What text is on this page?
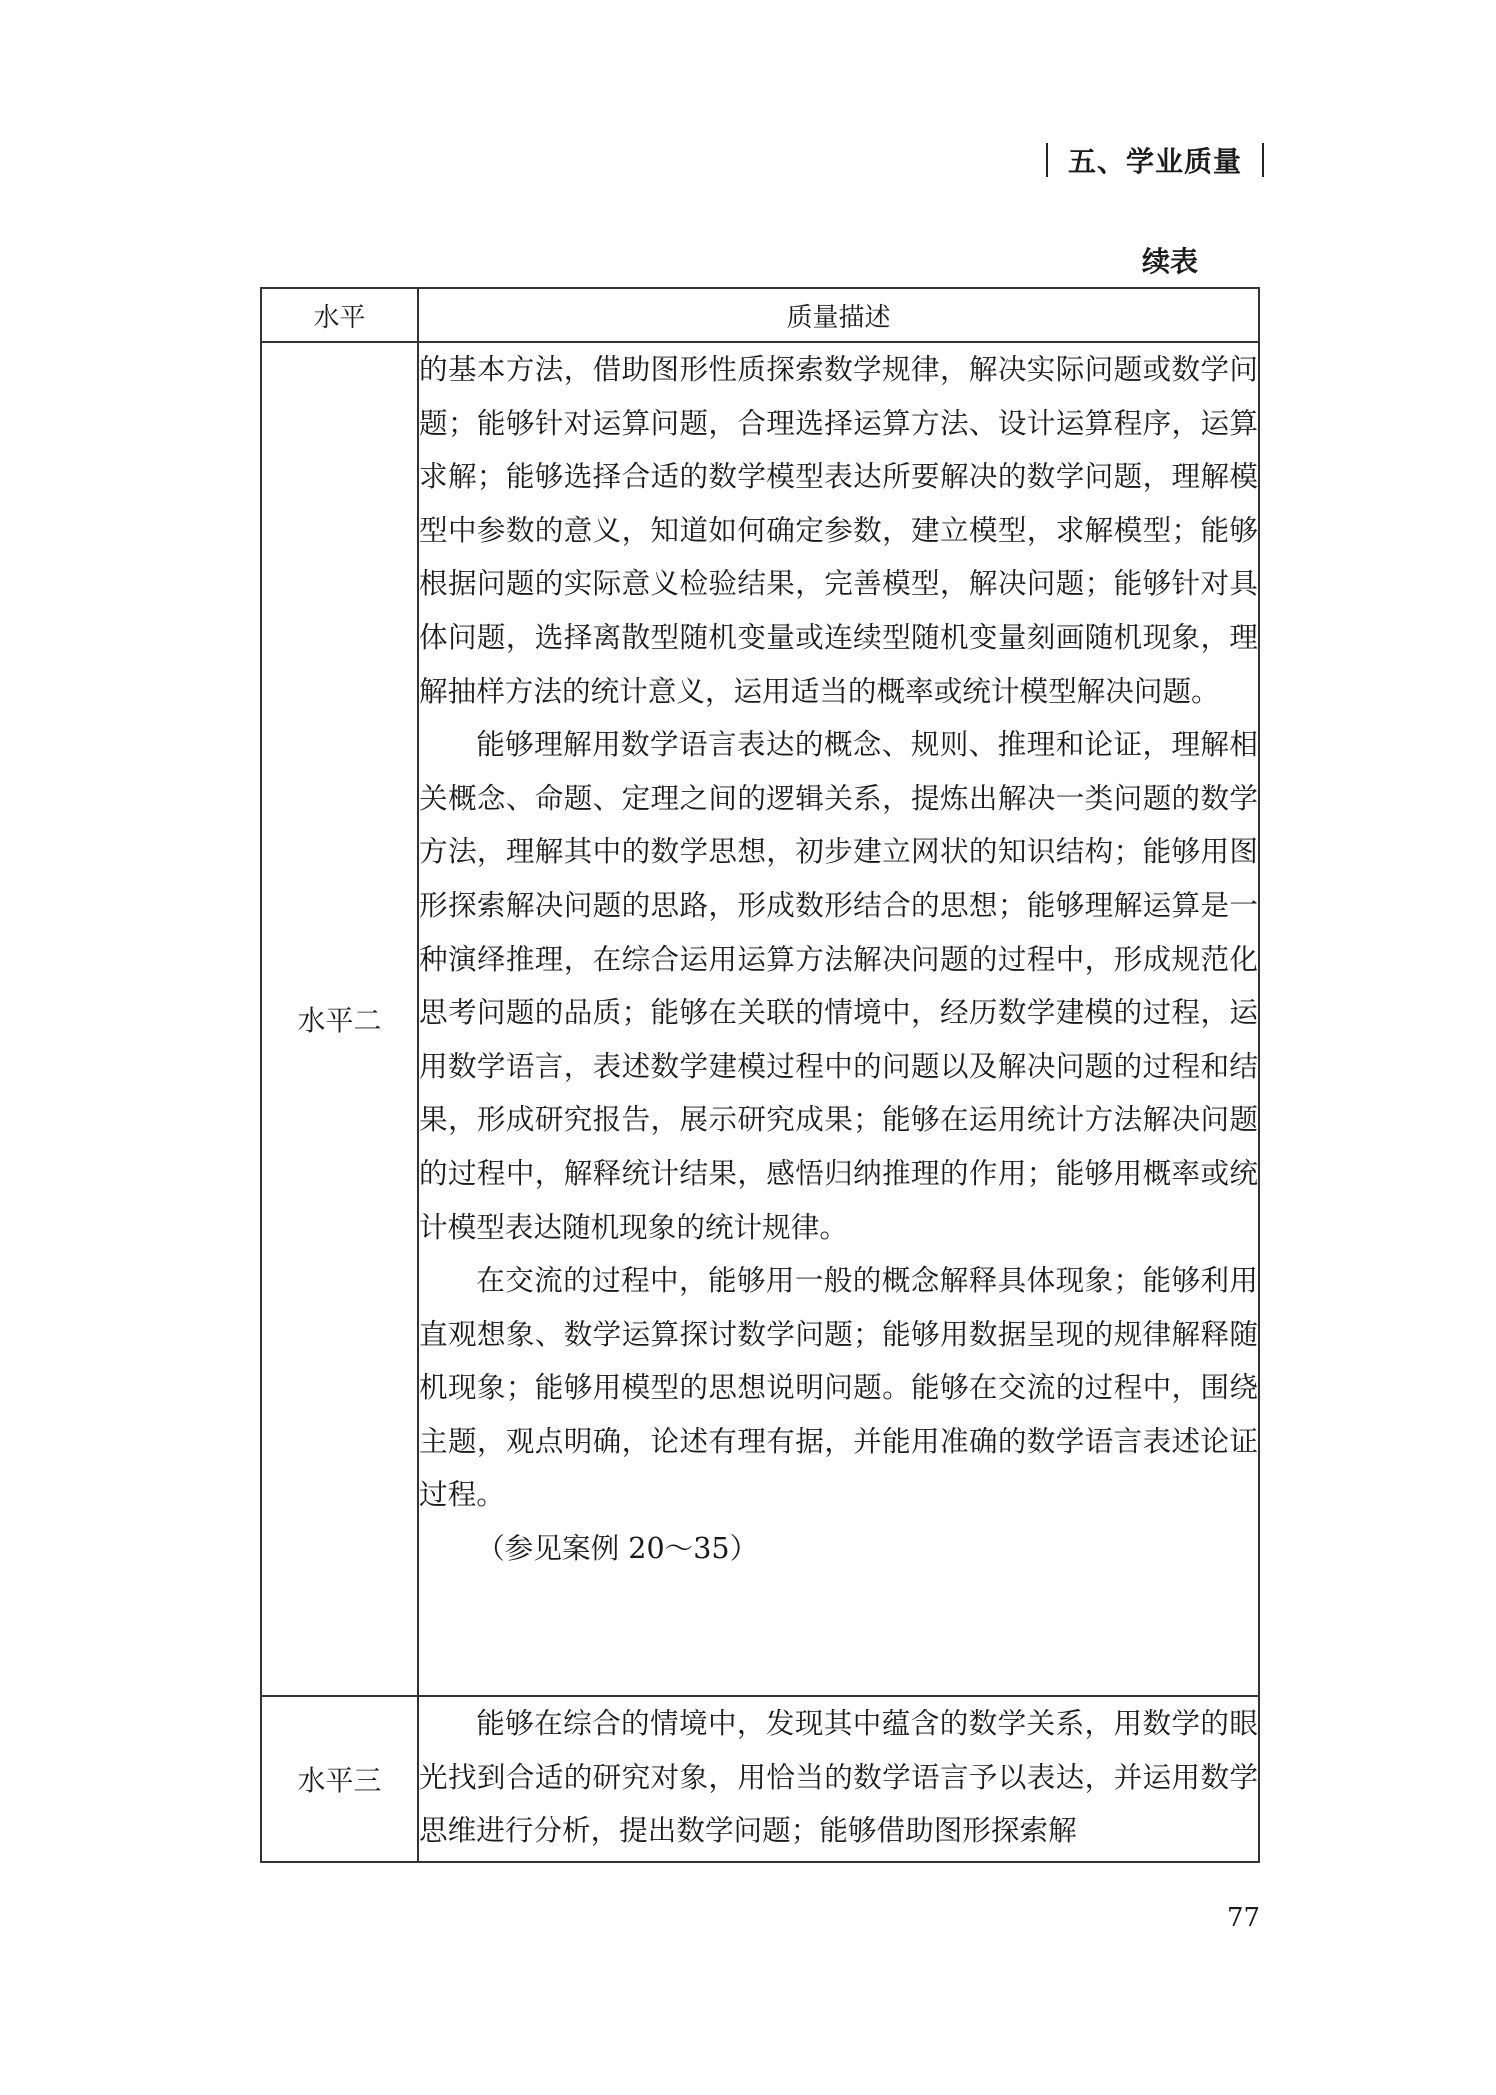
五、学业质量
续表
水平	质量描述
水平二	的基本方法，借助图形性质探索数学规律，解决实际问题或数学问题；能够针对运算问题，合理选择运算方法、设计运算程序，运算求解；能够选择合适的数学模型表达所要解决的数学问题，理解模型中参数的意义，知道如何确定参数，建立模型，求解模型；能够根据问题的实际意义检验结果，完善模型，解决问题；能够针对具体问题，选择离散型随机变量或连续型随机变量刻画随机现象，理解抽样方法的统计意义，运用适当的概率或统计模型解决问题。

能够理解用数学语言表达的概念、规则、推理和论证，理解相关概念、命题、定理之间的逻辑关系，提炼出解决一类问题的数学方法，理解其中的数学思想，初步建立网状的知识结构；能够用图形探索解决问题的思路，形成数形结合的思想；能够理解运算是一种演绎推理，在综合运用运算方法解决问题的过程中，形成规范化思考问题的品质；能够在关联的情境中，经历数学建模的过程，运用数学语言，表述数学建模过程中的问题以及解决问题的过程和结果，形成研究报告，展示研究成果；能够在运用统计方法解决问题的过程中，解释统计结果，感悟归纳推理的作用；能够用概率或统计模型表达随机现象的统计规律。

在交流的过程中，能够用一般的概念解释具体现象；能够利用直观想象、数学运算探讨数学问题；能够用数据呈现的规律解释随机现象；能够用模型的思想说明问题。能够在交流的过程中，围绕主题，观点明确，论述有理有据，并能用准确的数学语言表述论证过程。

（参见案例 20～35）

水平三	能够在综合的情境中，发现其中蕴含的数学关系，用数学的眼光找到合适的研究对象，用恰当的数学语言予以表达，并运用数学思维进行分析，提出数学问题；能够借助图形探索解

77
